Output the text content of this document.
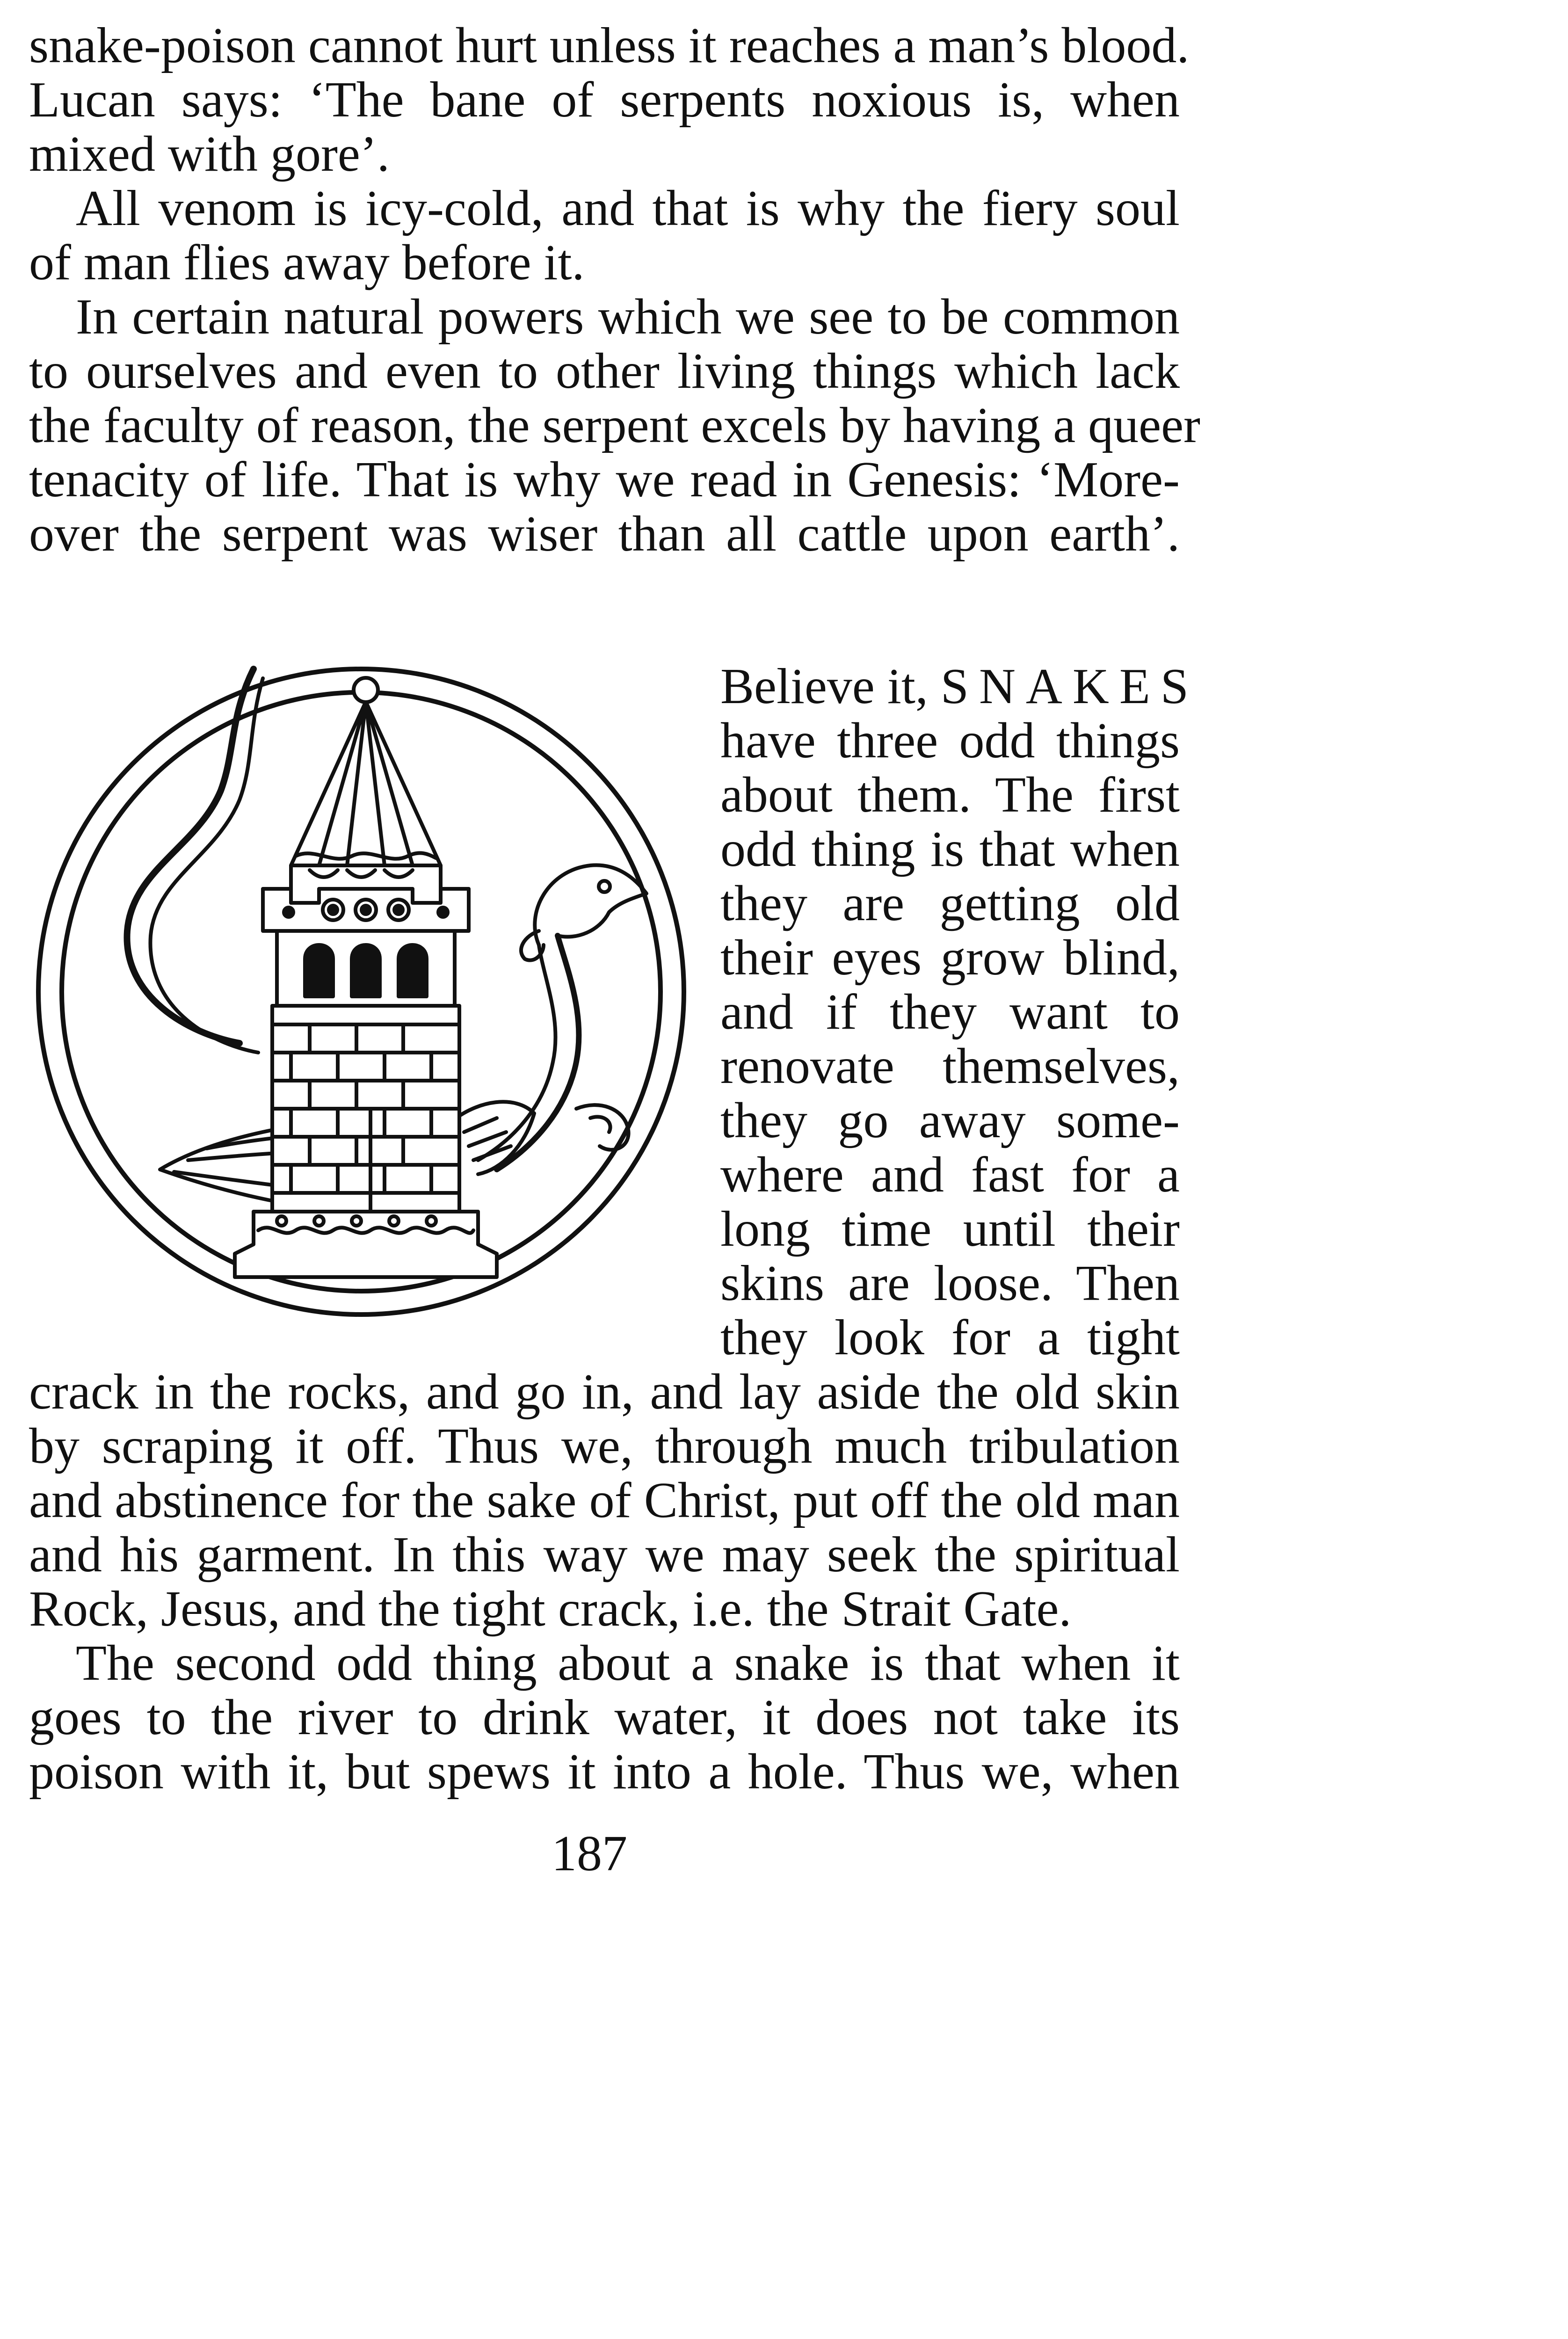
snake-poison cannot hurt unless it reaches a man’s blood.
Lucan says: ‘The bane of serpents noxious is, when
mixed with gore’.
All venom is icy-cold, and that is why the fiery soul
of man flies away before it.
In certain natural powers which we see to be common
to ourselves and even to other living things which lack
the faculty of reason, the serpent excels by having a queer
tenacity of life. That is why we read in Genesis: ‘More-
over the serpent was wiser than all cattle upon earth’.
Believe it, SNAKES
have three odd things
about them. The first
odd thing is that when
they are getting old
their eyes grow blind,
and if they want to
renovate themselves,
they go away some-
where and fast for a
long time until their
skins are loose. Then
they look for a tight
crack in the rocks, and go in, and lay aside the old skin
by scraping it off. Thus we, through much tribulation
and abstinence for the sake of Christ, put off the old man
and his garment. In this way we may seek the spiritual
Rock, Jesus, and the tight crack, i.e. the Strait Gate.
The second odd thing about a snake is that when it
goes to the river to drink water, it does not take its
poison with it, but spews it into a hole. Thus we, when
187
